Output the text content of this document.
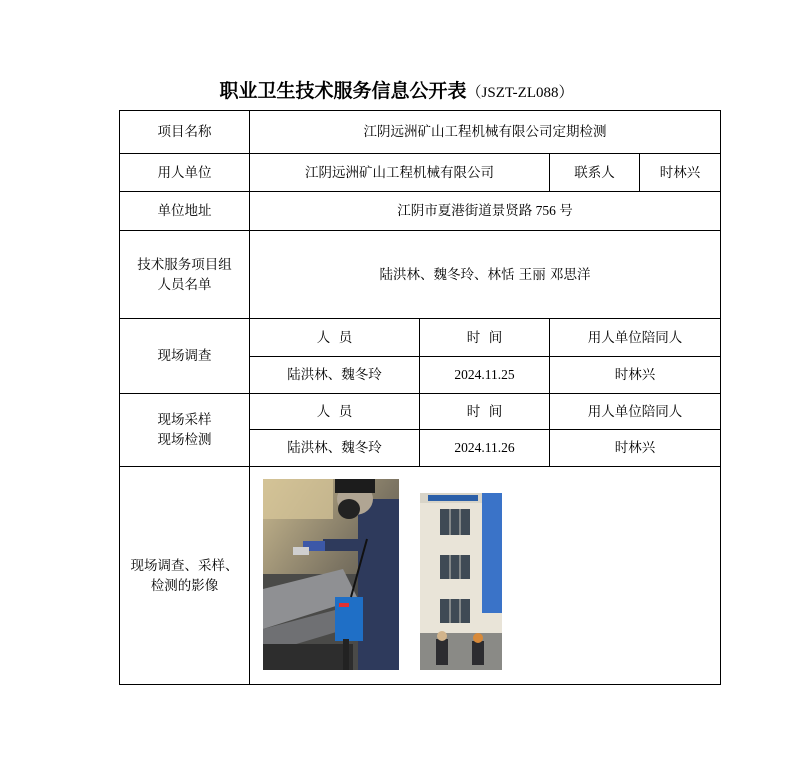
职业卫生技术服务信息公开表（JSZT-ZL088）
项目名称	江阴远洲矿山工程机械有限公司定期检测			
用人单位	江阴远洲矿山工程机械有限公司		联系人	时林兴
单位地址	江阴市夏港街道景贤路 756 号			

技术服务项目组
人员名单	陆洪林、魏冬玲、林恬 王丽 邓思洋			
现场调查	人  员	时  间	用人单位陪同人	
	陆洪林、魏冬玲	2024.11.25	时林兴	

现场采样
现场检测	人  员	时  间	用人单位陪同人	
	陆洪林、魏冬玲	2024.11.26	时林兴	

现场调查、采样、
检测的影像
